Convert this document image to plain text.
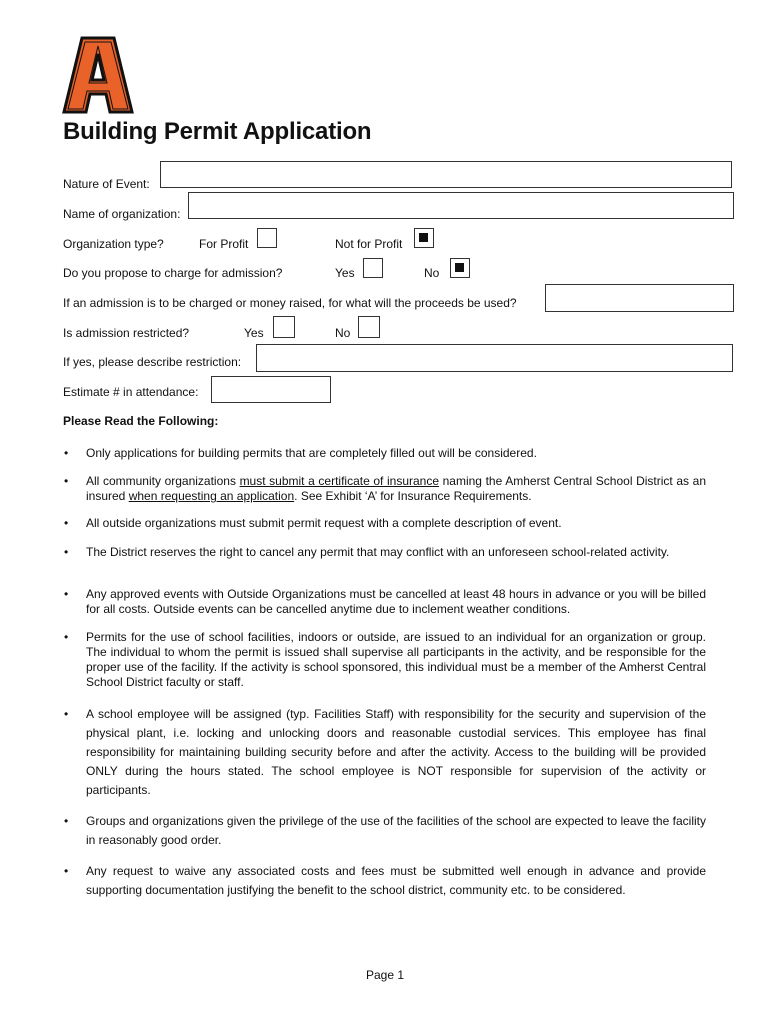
Building Permit Application
Nature of Event:
Name of organization:
Organization type?	For Profit	Not for Profit
Do you propose to charge for admission?	Yes	No
If an admission is to be charged or money raised, for what will the proceeds be used?
Is admission restricted?	Yes	No
If yes, please describe restriction:
Estimate # in attendance:
Please Read the Following:
• Only applications for building permits that are completely filled out will be considered.
• All community organizations must submit a certificate of insurance naming the Amherst Central School District as an insured when requesting an application. See Exhibit ‘A’ for Insurance Requirements.
• All outside organizations must submit permit request with a complete description of event.
• The District reserves the right to cancel any permit that may conflict with an unforeseen school-related activity.
• Any approved events with Outside Organizations must be cancelled at least 48 hours in advance or you will be billed for all costs. Outside events can be cancelled anytime due to inclement weather conditions.
• Permits for the use of school facilities, indoors or outside, are issued to an individual for an organization or group. The individual to whom the permit is issued shall supervise all participants in the activity, and be responsible for the proper use of the facility. If the activity is school sponsored, this individual must be a member of the Amherst Central School District faculty or staff.
• A school employee will be assigned (typ. Facilities Staff) with responsibility for the security and supervision of the physical plant, i.e. locking and unlocking doors and reasonable custodial services. This employee has final responsibility for maintaining building security before and after the activity. Access to the building will be provided ONLY during the hours stated. The school employee is NOT responsible for supervision of the activity or participants.
• Groups and organizations given the privilege of the use of the facilities of the school are expected to leave the facility in reasonably good order.
• Any request to waive any associated costs and fees must be submitted well enough in advance and provide supporting documentation justifying the benefit to the school district, community etc. to be considered.
Page 1
